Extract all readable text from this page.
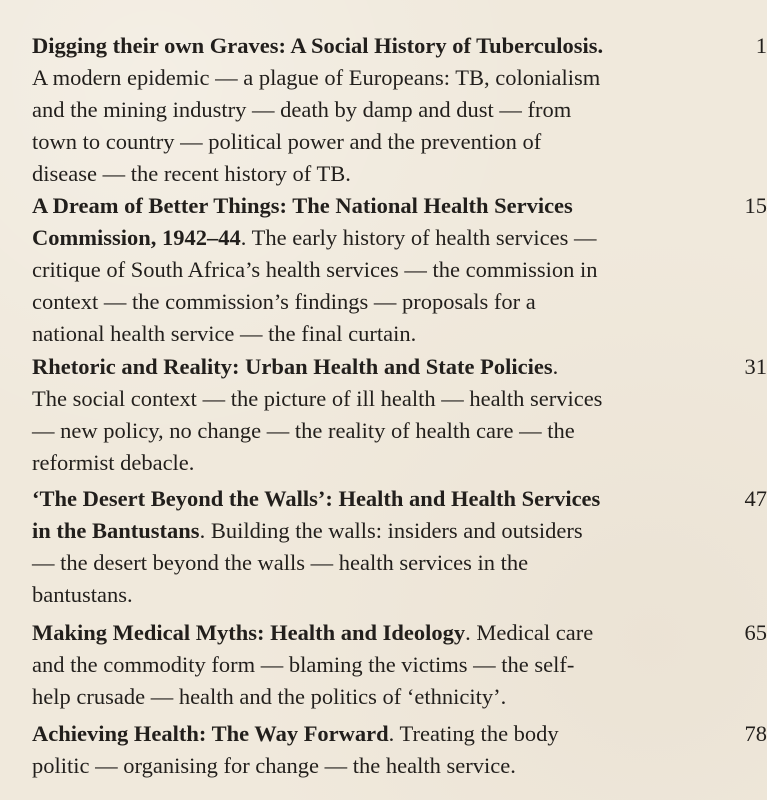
Digging their own Graves: A Social History of Tuberculosis.
A modern epidemic — a plague of Europeans: TB, colonialism
and the mining industry — death by damp and dust — from
town to country — political power and the prevention of
disease — the recent history of TB.
1
A Dream of Better Things: The National Health Services
Commission, 1942–44. The early history of health services —
critique of South Africa’s health services — the commission in
context — the commission’s findings — proposals for a
national health service — the final curtain.
15
Rhetoric and Reality: Urban Health and State Policies.
The social context — the picture of ill health — health services
— new policy, no change — the reality of health care — the
reformist debacle.
31
‘The Desert Beyond the Walls’: Health and Health Services
in the Bantustans. Building the walls: insiders and outsiders
— the desert beyond the walls — health services in the
bantustans.
47
Making Medical Myths: Health and Ideology. Medical care
and the commodity form — blaming the victims — the self-
help crusade — health and the politics of ‘ethnicity’.
65
Achieving Health: The Way Forward. Treating the body
politic — organising for change — the health service.
78
